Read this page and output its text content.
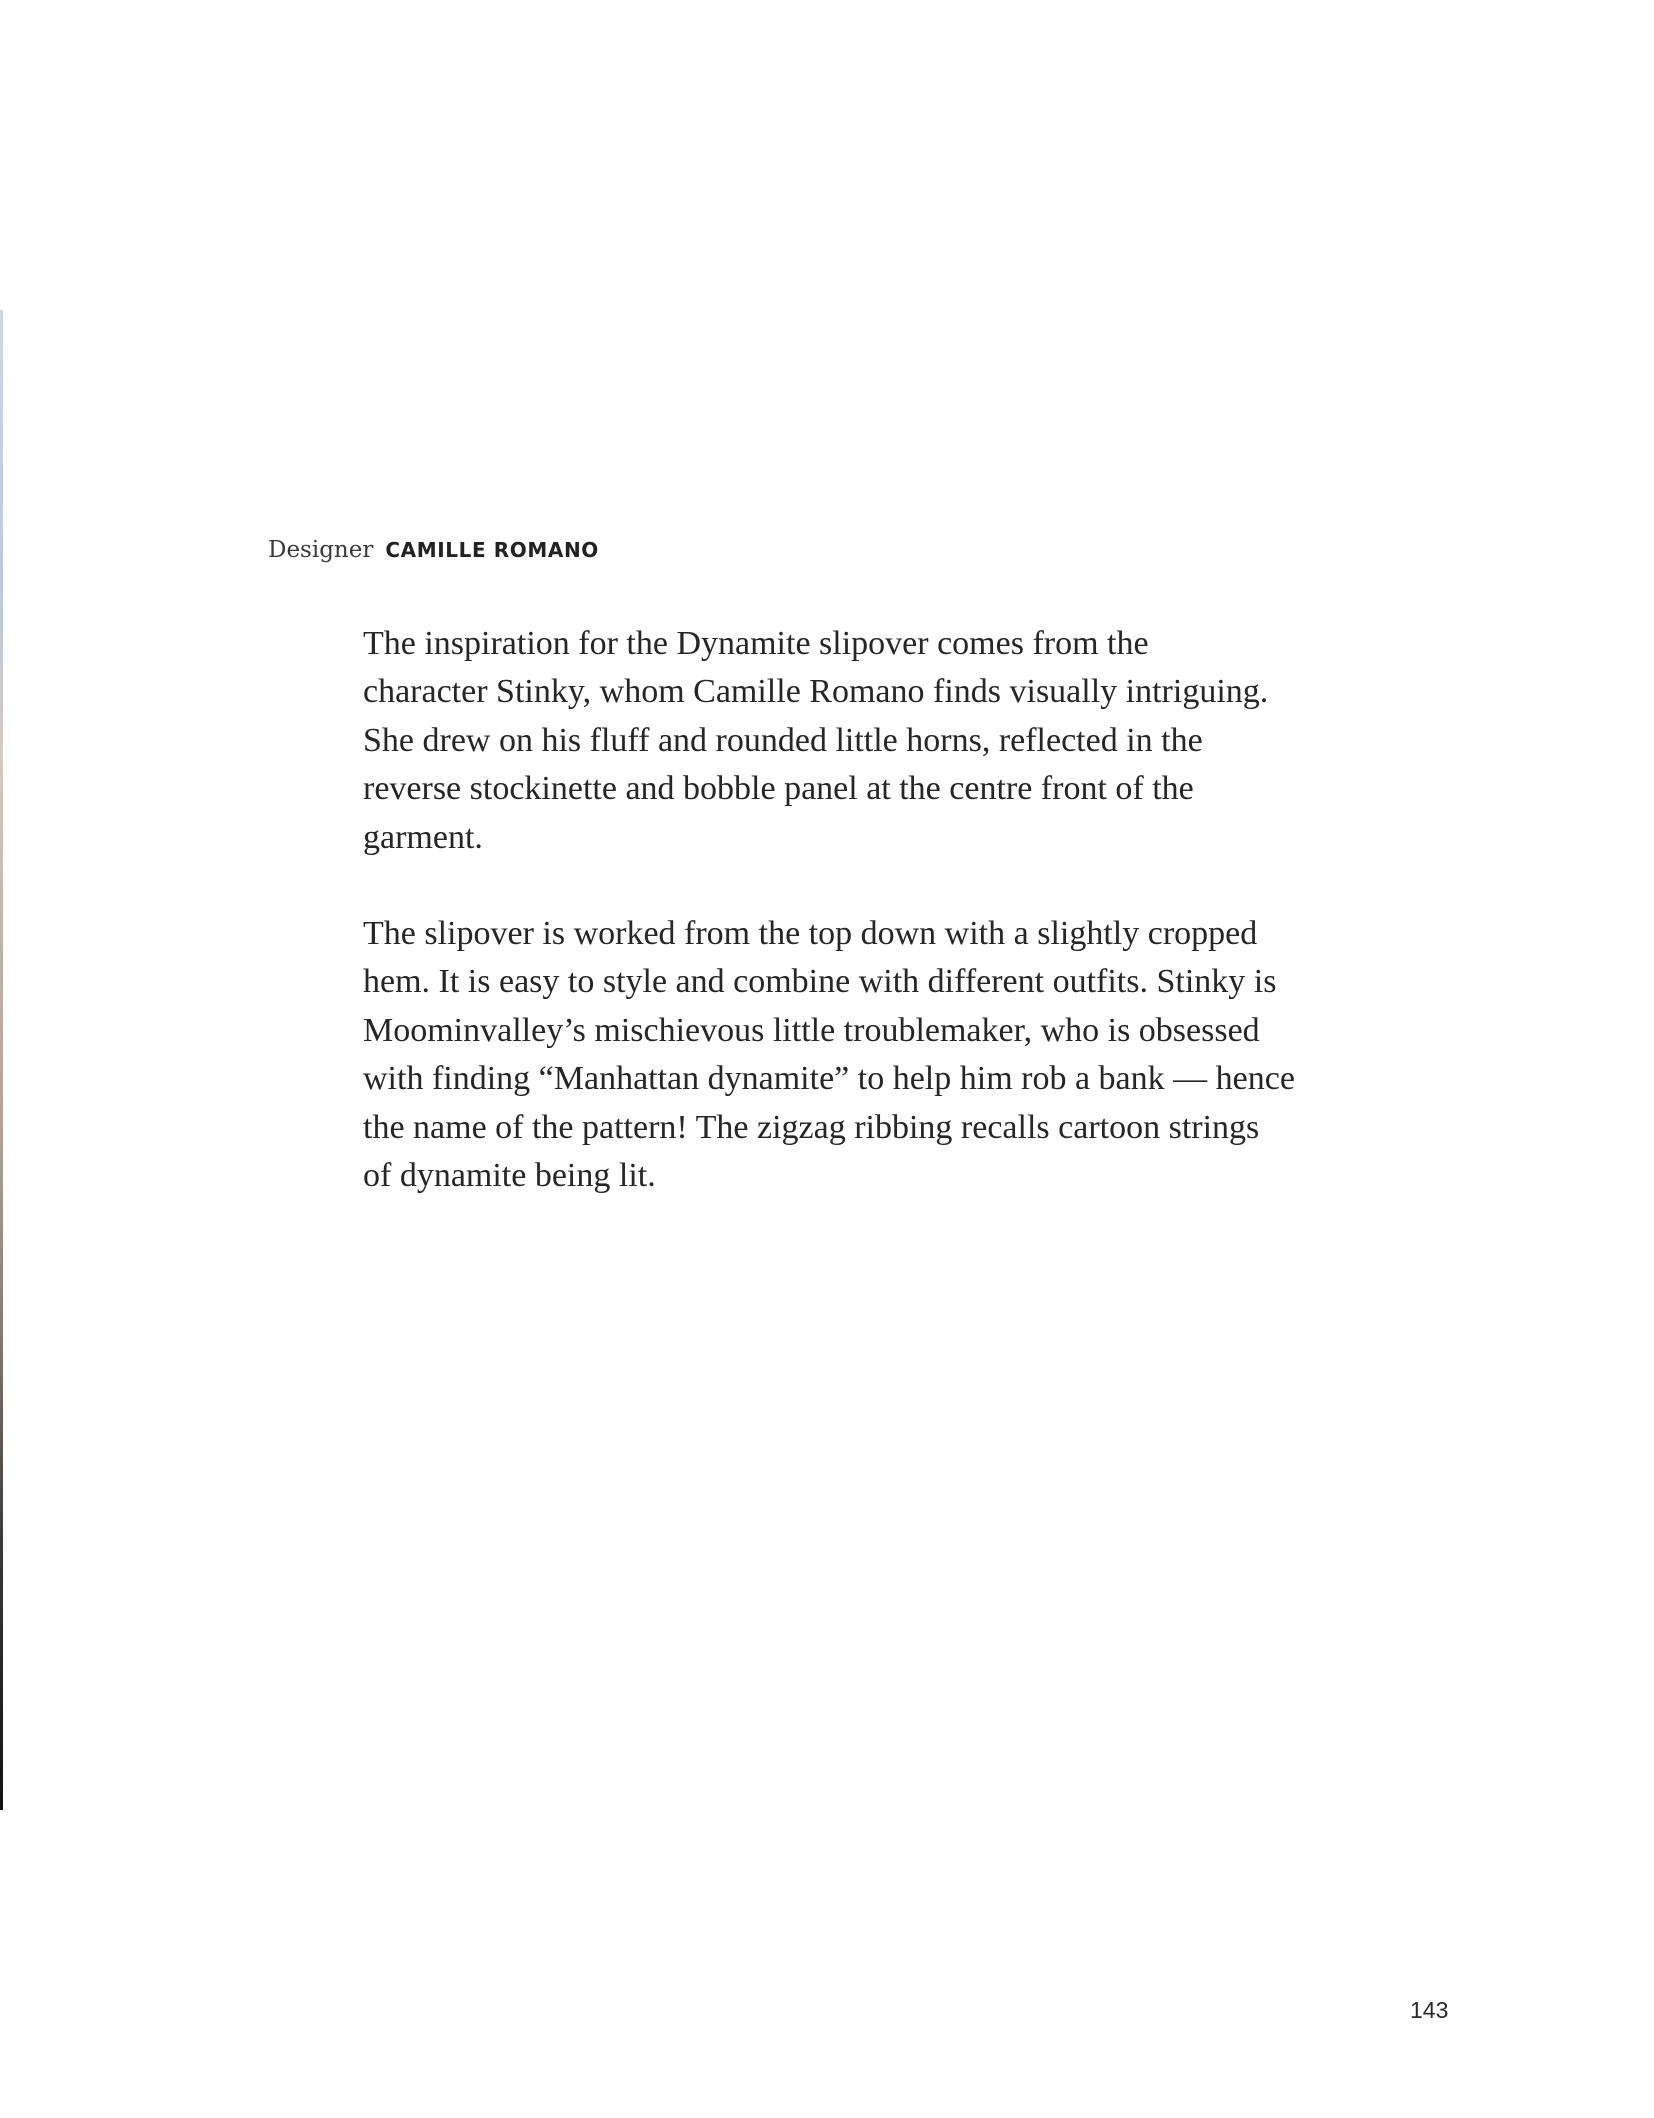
Designer CAMILLE ROMANO

The inspiration for the Dynamite slipover comes from the
character Stinky, whom Camille Romano finds visually intriguing.
She drew on his fluff and rounded little horns, reflected in the
reverse stockinette and bobble panel at the centre front of the
garment.

The slipover is worked from the top down with a slightly cropped
hem. It is easy to style and combine with different outfits. Stinky is
Moominvalley’s mischievous little troublemaker, who is obsessed
with finding “Manhattan dynamite” to help him rob a bank — hence
the name of the pattern! The zigzag ribbing recalls cartoon strings
of dynamite being lit.

143
